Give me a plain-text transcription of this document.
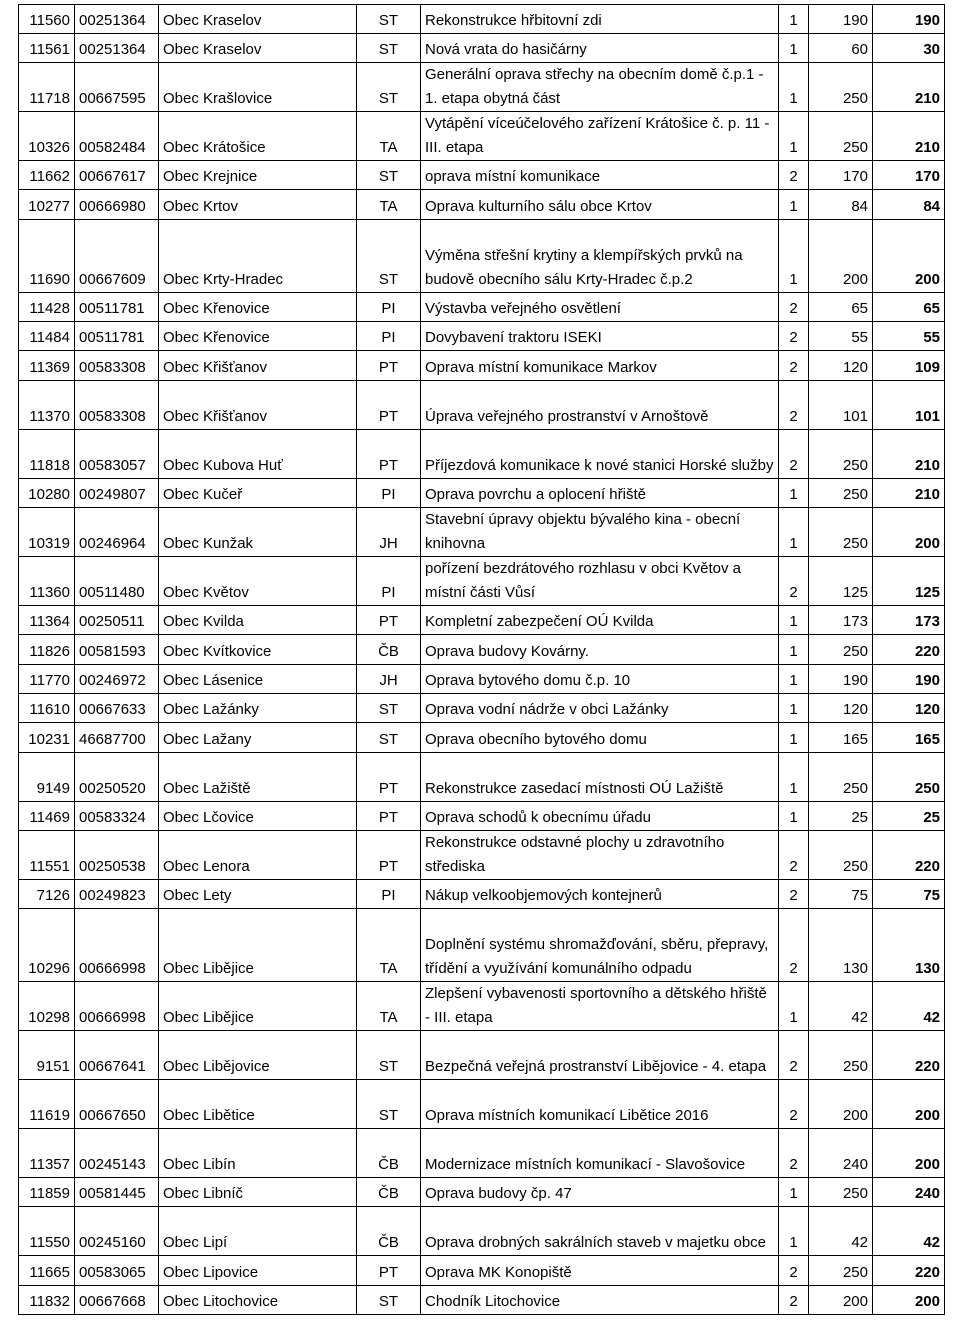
11560	00251364	Obec Kraselov	ST	Rekonstrukce hřbitovní zdi	1	190	190
11561	00251364	Obec Kraselov	ST	Nová vrata do hasičárny	1	60	30
11718	00667595	Obec Krašlovice	ST	Generální oprava střechy na obecním domě č.p.1 - 1. etapa obytná část	1	250	210
10326	00582484	Obec Krátošice	TA	Vytápění víceúčelového zařízení Krátošice č. p. 11 - III. etapa	1	250	210
11662	00667617	Obec Krejnice	ST	oprava místní komunikace	2	170	170
10277	00666980	Obec Krtov	TA	Oprava kulturního sálu obce Krtov	1	84	84
11690	00667609	Obec Krty-Hradec	ST	Výměna střešní krytiny a klempířských prvků na budově obecního sálu Krty-Hradec č.p.2	1	200	200
11428	00511781	Obec Křenovice	PI	Výstavba veřejného osvětlení	2	65	65
11484	00511781	Obec Křenovice	PI	Dovybavení traktoru ISEKI	2	55	55
11369	00583308	Obec Křišťanov	PT	Oprava místní komunikace Markov	2	120	109
11370	00583308	Obec Křišťanov	PT	Úprava veřejného prostranství v Arnoštově	2	101	101
11818	00583057	Obec Kubova Huť	PT	Příjezdová komunikace k nové stanici Horské služby	2	250	210
10280	00249807	Obec Kučeř	PI	Oprava povrchu a oplocení hřiště	1	250	210
10319	00246964	Obec Kunžak	JH	Stavební úpravy objektu bývalého kina - obecní knihovna	1	250	200
11360	00511480	Obec Květov	PI	pořízení bezdrátového rozhlasu v obci Květov a místní části Vůsí	2	125	125
11364	00250511	Obec Kvilda	PT	Kompletní zabezpečení OÚ Kvilda	1	173	173
11826	00581593	Obec Kvítkovice	ČB	Oprava budovy Kovárny.	1	250	220
11770	00246972	Obec Lásenice	JH	Oprava bytového domu č.p. 10	1	190	190
11610	00667633	Obec Lažánky	ST	Oprava vodní nádrže v obci Lažánky	1	120	120
10231	46687700	Obec Lažany	ST	Oprava obecního bytového domu	1	165	165
9149	00250520	Obec Lažiště	PT	Rekonstrukce zasedací místnosti OÚ Lažiště	1	250	250
11469	00583324	Obec Lčovice	PT	Oprava schodů k obecnímu úřadu	1	25	25
11551	00250538	Obec Lenora	PT	Rekonstrukce odstavné plochy u zdravotního střediska	2	250	220
7126	00249823	Obec Lety	PI	Nákup velkoobjemových kontejnerů	2	75	75
10296	00666998	Obec Libějice	TA	Doplnění systému shromažďování, sběru, přepravy, třídění a využívání komunálního odpadu	2	130	130
10298	00666998	Obec Libějice	TA	Zlepšení vybavenosti sportovního a dětského hřiště - III. etapa	1	42	42
9151	00667641	Obec Libějovice	ST	Bezpečná veřejná prostranství Libějovice - 4. etapa	2	250	220
11619	00667650	Obec Libětice	ST	Oprava místních komunikací Libětice 2016	2	200	200
11357	00245143	Obec Libín	ČB	Modernizace místních komunikací - Slavošovice	2	240	200
11859	00581445	Obec Libníč	ČB	Oprava budovy čp. 47	1	250	240
11550	00245160	Obec Lipí	ČB	Oprava drobných sakrálních staveb v majetku obce	1	42	42
11665	00583065	Obec Lipovice	PT	Oprava MK Konopiště	2	250	220
11832	00667668	Obec Litochovice	ST	Chodník Litochovice	2	200	200
